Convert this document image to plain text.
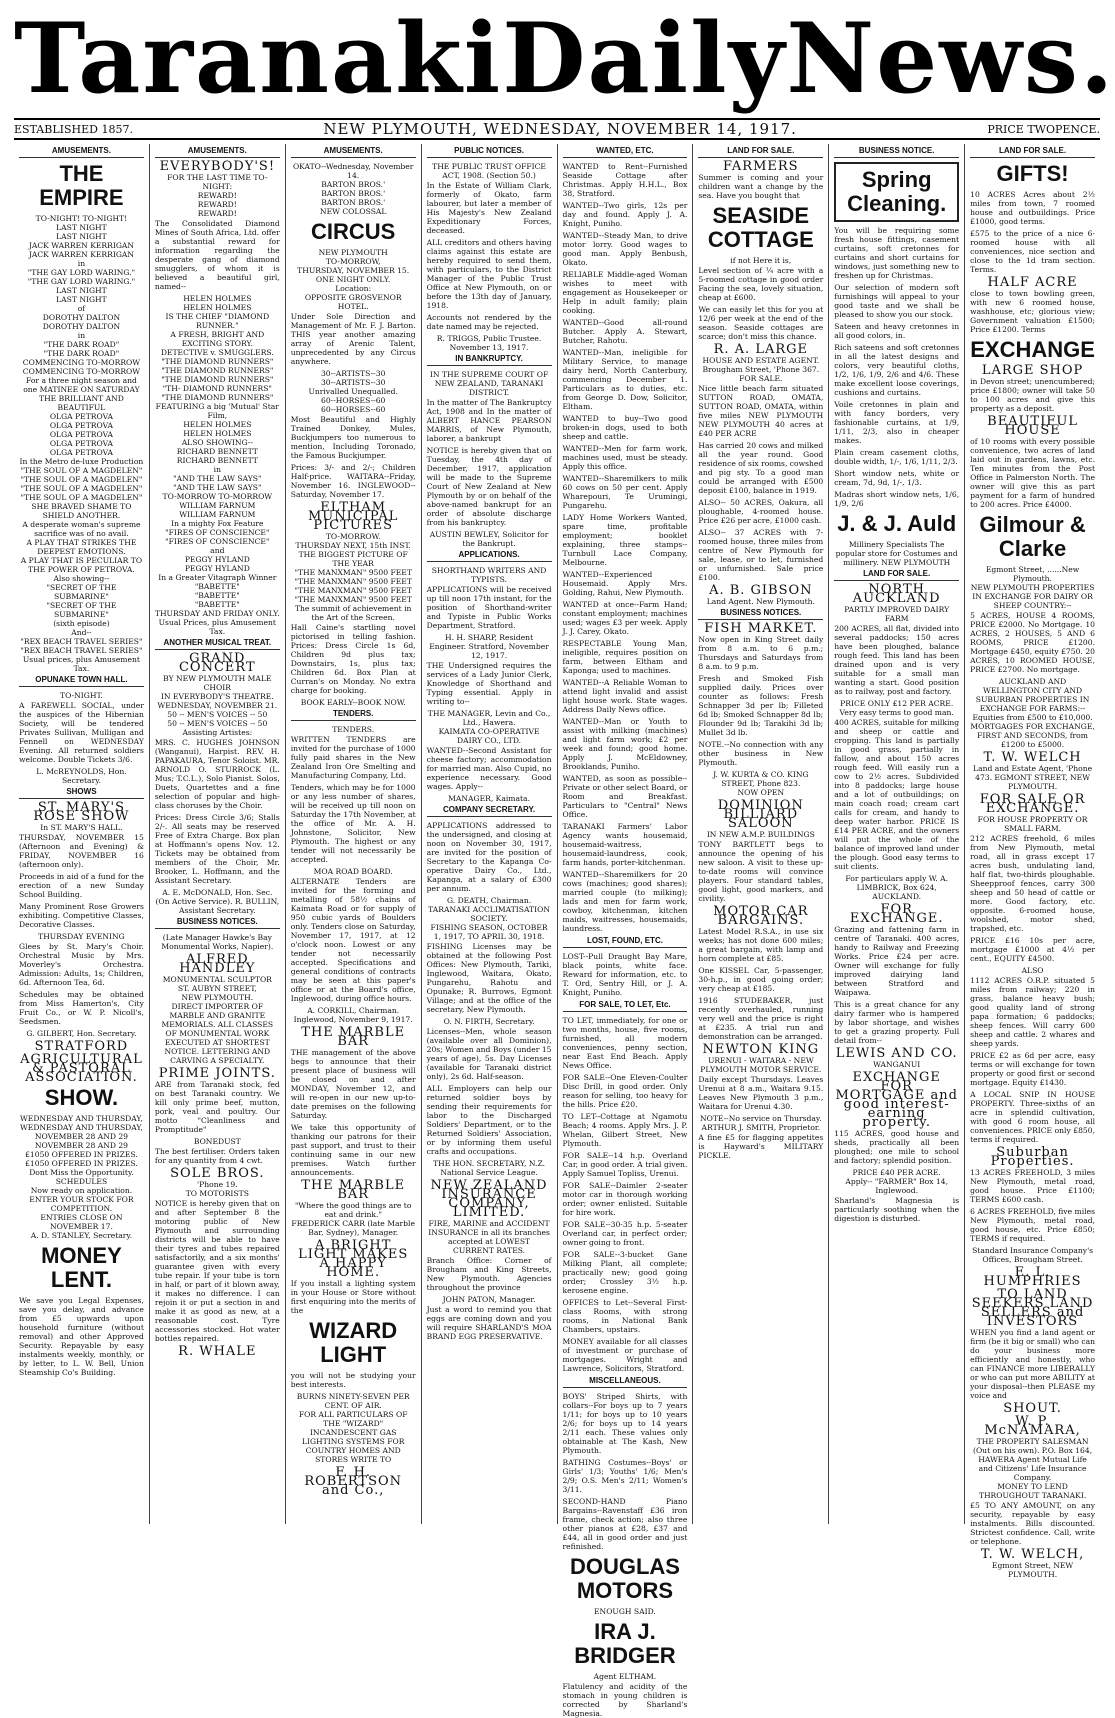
Taranaki Daily News.
ESTABLISHED 1857.	NEW PLYMOUTH, WEDNESDAY, NOVEMBER 14, 1917.	PRICE TWOPENCE.
AMUSEMENTS.
THE EMPIRE
TO-NIGHT! TO-NIGHT!
LAST NIGHT
LAST NIGHT
JACK WARREN KERRIGAN
JACK WARREN KERRIGAN
in
"THE GAY LORD WARING."
"THE GAY LORD WARING."
LAST NIGHT
LAST NIGHT
of
DOROTHY DALTON
DOROTHY DALTON
in
"THE DARK ROAD"
"THE DARK ROAD"
COMMENCING TO-MORROW
COMMENCING TO-MORROW
For a three night season and one MATINEE ON SATURDAY THE BRILLIANT AND BEAUTIFUL
OLGA PETROVA
OLGA PETROVA
OLGA PETROVA
OLGA PETROVA
OLGA PETROVA
In the Metro de-luxe Production
"THE SOUL OF A MAGDELEN"
"THE SOUL OF A MAGDELEN"
"THE SOUL OF A MAGDELEN"
"THE SOUL OF A MAGDELEN"
SHE BRAVED SHAME TO SHIELD ANOTHER.
A desperate woman's supreme sacrifice was of no avail.
A PLAY THAT STRIKES THE DEEPEST EMOTIONS.
A PLAY THAT IS PECULIAR TO THE POWER OF PETROVA.
Also showing--
"SECRET OF THE SUBMARINE"
"SECRET OF THE SUBMARINE"
(sixth episode)
And--
"REX BEACH TRAVEL SERIES"
"REX BEACH TRAVEL SERIES"
Usual prices, plus Amusement Tax.
OPUNAKE TOWN HALL.
TO-NIGHT.
A FAREWELL SOCIAL, under the auspices of the Hibernian Society, will be tendered Privates Sullivan, Mulligan and Fennell on WEDNESDAY Evening. All returned soldiers welcome. Double Tickets 3/6.
L. McREYNOLDS, Hon. Secretary.
SHOWS
ST. MARY'S ROSE SHOW
In ST. MARY'S HALL.
THURSDAY, NOVEMBER 15 (Afternoon and Evening) & FRIDAY, NOVEMBER 16 (afternoon only).
Proceeds in aid of a fund for the erection of a new Sunday School Building.
Many Prominent Rose Growers exhibiting. Competitive Classes, Decorative Classes.
THURSDAY EVENING
Glees by St. Mary's Choir. Orchestral Music by Mrs. Moverley's Orchestra. Admission: Adults, 1s; Children, 6d. Afternoon Tea, 6d.
Schedules may be obtained from Miss Hamerton's, City Fruit Co., or W. P. Nicoll's, Seedsmen.
G. GILBERT, Hon. Secretary.
STRATFORD
AGRICULTURAL & PASTORAL ASSOCIATION.
SHOW.
WEDNESDAY AND THURSDAY,
WEDNESDAY AND THURSDAY,
NOVEMBER 28 AND 29
NOVEMBER 28 AND 29
£1050 OFFERED IN PRIZES.
£1050 OFFERED IN PRIZES.
Dont Miss the Opportunity.
SCHEDULES
Now ready on application.
ENTER YOUR STOCK FOR COMPETITION.
ENTRIES CLOSE ON NOVEMBER 17.
A. D. STANLEY, Secretary.
MONEY LENT.
We save you Legal Expenses, save you delay, and advance from £5 upwards upon household furniture (without removal) and other Approved Security. Repayable by easy instalments weekly, monthly, or by letter, to L. W. Bell, Union Steamship Co's Building.
AMUSEMENTS.
EVERYBODY'S!
FOR THE LAST TIME TO-NIGHT:
REWARD!
REWARD!
REWARD!
The Consolidated Diamond Mines of South Africa, Ltd. offer a substantial reward for information regarding the desperate gang of diamond smugglers, of whom it is believed a beautiful girl, named--
HELEN HOLMES
HELEN HOLMES
IS THE CHIEF "DIAMOND RUNNER."
A FRESH, BRIGHT AND EXCITING STORY.
DETECTIVE v. SMUGGLERS.
"THE DIAMOND RUNNERS"
"THE DIAMOND RUNNERS"
"THE DIAMOND RUNNERS"
"TH- DIAMOND RUNNERS"
"THE DIAMOND RUNNERS"
FEATURING a big 'Mutual' Star Film,
HELEN HOLMES
HELEN HOLMES
ALSO SHOWING--
RICHARD BENNETT
RICHARD BENNETT
in
"AND THE LAW SAYS"
"AND THE LAW SAYS"
TO-MORROW TO-MORROW
WILLIAM FARNUM
WILLIAM FARNUM
In a mighty Fox Feature
"FIRES OF CONSCIENCE"
"FIRES OF CONSCIENCE"
and
PEGGY HYLAND
PEGGY HYLAND
In a Greater Vitagraph Winner
"BABETTE"
"BABETTE"
"BABETTE"
THURSDAY AND FRIDAY ONLY.
Usual Prices, plus Amusement Tax.
ANOTHER MUSICAL TREAT.
GRAND CONCERT
BY NEW PLYMOUTH MALE CHOIR
IN EVERYBODY'S THEATRE.
WEDNESDAY, NOVEMBER 21.
50 -- MEN'S VOICES -- 50
50 -- MEN'S VOICES -- 50
Assisting Artistes:
MRS. C. HUGHES JOHNSON (Wanganui), Harpist. REV. H. PAPAKAURA, Tenor Soloist. MR. ARNOLD O. STURROCK (L. Mus; T.C.L.), Solo Pianist. Solos, Duets, Quartettes and a fine selection of popular and high-class choruses by the Choir.
Prices: Dress Circle 3/6; Stalls 2/-. All seats may be reserved Free of Extra Charge. Box plan at Hoffmann's opens Nov. 12. Tickets may be obtained from members of the Choir, Mr. Brooker, L. Hoffmann, and the Assistant Secretary.
A. E. McDONALD, Hon. Sec. (On Active Service). R. BULLIN, Assistant Secretary.
BUSINESS NOTICES.
(Late Manager Hawke's Bay Monumental Works, Napier).
ALFRED HANDLEY
MONUMENTAL SCULPTOR
ST. AUBYN STREET,
NEW PLYMOUTH.
DIRECT IMPORTER OF MARBLE AND GRANITE MEMORIALS. ALL CLASSES OF MONUMENTAL WORK EXECUTED AT SHORTEST NOTICE. LETTERING AND CARVING A SPECIALTY.
PRIME JOINTS.
ARE from Taranaki stock, fed on best Taranaki country. We kill only prime beef, mutton, pork, veal and poultry. Our motto "Cleanliness and Promptitude"
BONEDUST
The best fertiliser. Orders taken for any quantity from 4 cwt.
SOLE BROS.
'Phone 19.
TO MOTORISTS
NOTICE is hereby given that on and after September 8 the motoring public of New Plymouth and surrounding districts will be able to have their tyres and tubes repaired satisfactorily, and a six months' guarantee given with every tube repair. If your tube is torn in half, or part of it blown away, it makes no difference. I can rejoin it or put a section in and make it as good as new, at a reasonable cost. Tyre accessories stocked. Hot water bottles repaired.
R. WHALE
AMUSEMENTS.
OKATO--Wednesday, November 14.
BARTON BROS.'
BARTON BROS.'
BARTON BROS.'
NEW COLOSSAL
CIRCUS
NEW PLYMOUTH
TO-MORROW,
THURSDAY, NOVEMBER 15.
ONE NIGHT ONLY.
Location:
OPPOSITE GROSVENOR HOTEL.
Under Sole Direction and Management of Mr. F. J. Barton. THIS year another amazing array of Arenic Talent, unprecedented by any Circus anywhere.
30--ARTISTS--30
30--ARTISTS--30
Unrivalled Unequalled.
60--HORSES--60
60--HORSES--60
Most Beautiful and Highly Trained Donkey, Mules, Buckjumpers too numerous to mention, Including Toronado, the Famous Buckjumper.
Prices: 3/- and 2/-; Children Half-price. WAITARA--Friday, November 16. INGLEWOOD--Saturday, November 17.
ELTHAM MUNICIPAL PICTURES
TO-MORROW.
THURSDAY NEXT, 15th INST.
THE BIGGEST PICTURE OF THE YEAR
"THE MANXMAN" 9500 FEET
"THE MANXMAN" 9500 FEET
"THE MANXMAN" 9500 FEET
"THE MANXMAN" 9500 FEET
The summit of achievement in the Art of the Screen.
Hall Caine's startling novel pictorised in telling fashion. Prices: Dress Circle 1s 6d, Children 9d plus tax; Downstairs, 1s, plus tax; Children 6d. Box Plan at Curran's on Monday. No extra charge for booking.
BOOK EARLY--BOOK NOW.
TENDERS.
TENDERS.
WRITTEN TENDERS are invited for the purchase of 1000 fully paid shares in the New Zealand Iron Ore Smelting and Manufacturing Company, Ltd.
Tenders, which may be for 1000 or any less number of shares, will be received up till noon on Saturday the 17th November, at the office of Mr. A. H. Johnstone, Solicitor, New Plymouth. The highest or any tender will not necessarily be accepted.
MOA ROAD BOARD.
ALTERNATE Tenders are invited for the forming and metalling of 58½ chains of Kaimata Road or for supply of 950 cubic yards of Boulders only. Tenders close on Saturday, November 17, 1917, at 12 o'clock noon. Lowest or any tender not necessarily accepted. Specifications and general conditions of contracts may be seen at this paper's office or at the Board's office, Inglewood, during office hours.
A. CORKILL, Chairman. Inglewood, November 9, 1917.
THE MARBLE BAR
THE management of the above begs to announce that their present place of business will be closed on and after MONDAY, November 12, and will re-open in our new up-to-date premises on the following Saturday.
We take this opportunity of thanking our patrons for their past support, and trust to their continuing same in our new premises. Watch further announcements.
THE MARBLE BAR
"Where the good things are to eat and drink."
FREDERICK CARR (late Marble Bar, Sydney), Manager.
A BRIGHT LIGHT MAKES A HAPPY HOME.
If you install a lighting system in your House or Store without first enquiring into the merits of the
WIZARD LIGHT
you will not be studying your best interests.
BURNS NINETY-SEVEN PER CENT. OF AIR.
FOR ALL PARTICULARS OF THE "WIZARD" INCANDESCENT GAS LIGHTING SYSTEMS FOR COUNTRY HOMES AND STORES WRITE TO
F. H. ROBERTSON and Co.,
PUBLIC NOTICES.
THE PUBLIC TRUST OFFICE ACT, 1908. (Section 50.)
In the Estate of William Clark, formerly of Okato, farm labourer, but later a member of His Majesty's New Zealand Expeditionary Forces, deceased.
ALL creditors and others having claims against this estate are hereby required to send them, with particulars, to the District Manager of the Public Trust Office at New Plymouth, on or before the 13th day of January, 1918.
Accounts not rendered by the date named may be rejected.
R. TRIGGS, Public Trustee. November 13, 1917.
IN BANKRUPTCY.
IN THE SUPREME COURT OF NEW ZEALAND, TARANAKI DISTRICT.
In the matter of The Bankruptcy Act, 1908 and In the matter of ALBERT HANCE PEARSON MARRIS, of New Plymouth, laborer, a bankrupt
NOTICE is hereby given that on Tuesday, the 4th day of December, 1917, application will be made to the Supreme Court of New Zealand at New Plymouth by or on behalf of the above-named bankrupt for an order of absolute discharge from his bankruptcy.
AUSTIN BEWLEY, Solicitor for the Bankrupt.
APPLICATIONS.
SHORTHAND WRITERS AND TYPISTS.
APPLICATIONS will be received up till noon 17th instant, for the position of Shorthand-writer and Typiste in Public Works Department, Stratford.
H. H. SHARP, Resident Engineer. Stratford, November 12, 1917.
THE Undersigned requires the services of a Lady Junior Clerk, Knowledge of Shorthand and Typing essential. Apply in writing to--
THE MANAGER, Levin and Co., Ltd., Hawera.
KAIMATA CO-OPERATIVE DAIRY CO., LTD.
WANTED--Second Assistant for cheese factory; accommodation for married man. Also Cupid, no experience necessary. Good wages. Apply--
MANAGER, Kaimata.
COMPANY SECRETARY.
APPLICATIONS addressed to the undersigned, and closing at noon on November 30, 1917, are invited for the position of Secretary to the Kapanga Co-operative Dairy Co., Ltd., Kapanga, at a salary of £300 per annum.
G. DEATH, Chairman.
TARANAKI ACCLIMATISATION SOCIETY.
FISHING SEASON, OCTOBER 1, 1917, TO APRIL 30, 1918.
FISHING Licenses may be obtained at the following Post Offices: New Plymouth, Tariki, Inglewood, Waitara, Okato, Pungarehu, Rahotu and Opunake; R. Burrows, Egmont Village; and at the office of the secretary, New Plymouth.
O. N. FIRTH, Secretary.
Licenses--Men, whole season (available over all Dominion), 20s; Women and Boys (under 15 years of age), 5s. Day Licenses (available for Taranaki district only), 2s 6d. Half-season.
ALL Employers can help our returned soldier boys by sending their requirements for labor to the Discharged Soldiers' Department, or to the Returned Soldiers' Association, or by informing them useful crafts and occupations.
THE HON. SECRETARY, N.Z. National Service League.
NEW ZEALAND INSURANCE COMPANY, LIMITED.
FIRE, MARINE and ACCIDENT INSURANCE in all its branches accepted at LOWEST CURRENT RATES.
Branch Office: Corner of Brougham and King Streets, New Plymouth. Agencies throughout the province
JOHN PATON, Manager.
Just a word to remind you that eggs are coming down and you will require SHARLAND'S MOA BRAND EGG PRESERVATIVE.
WANTED, ETC.
WANTED to Rent--Furnished Seaside Cottage after Christmas. Apply H.H.L., Box 38, Stratford.
WANTED--Two girls, 12s per day and found. Apply J. A. Knight, Puniho.
WANTED--Steady Man, to drive motor lorry. Good wages to good man. Apply Benbush, Okato.
RELIABLE Middle-aged Woman wishes to meet with engagement as Housekeeper or Help in adult family; plain cooking.
WANTED--Good all-round Butcher. Apply A. Stewart, Butcher, Rahotu.
WANTED--Man, ineligible for Military Service, to manage dairy herd, North Canterbury, commencing December 1. Particulars as to duties, etc. from George D. Dow, Solicitor, Eltham.
WANTED to buy--Two good broken-in dogs, used to both sheep and cattle.
WANTED--Men for farm work, machines used, must be steady. Apply this office.
WANTED--Sharemilkers to milk 60 cows on 50 per cent. Apply Wharepouri, Te Urumingi, Pungarehu.
LADY Home Workers Wanted, spare time, profitable employment; booklet explaining, three stamps--Turnbull Lace Company, Melbourne.
WANTED--Experienced Housemaid. Apply Mrs. Golding, Rahui, New Plymouth.
WANTED at once--Farm Hand; constant employment; machines used; wages £3 per week. Apply J. J. Carey, Okato.
RESPECTABLE Young Man, ineligible, requires position on farm, between Eltham and Kaponga; used to machines.
WANTED--A Reliable Woman to attend light invalid and assist light house work. State wages. Address Daily News office.
WANTED--Man or Youth to assist with milking (machines) and light farm work; £2 per week and found; good home. Apply J. McEldowney, Brooklands, Puniho.
WANTED, as soon as possible--Private or other select Board, or Room and Breakfast. Particulars to "Central" News Office.
TARANAKI Farmers' Labor Agency wants housemaid, housemaid-waitress, housemaid-laundress, cook, farm hands, porter-kitchenman.
WANTED--Sharemilkers for 20 cows (machines; good shares); married couple (to milking); lads and men for farm work, cowboy, kitchenman, kitchen maids, waitresses, housemaids, laundress.
LOST, FOUND, ETC.
LOST--Pull Draught Bay Mare, black points, white face. Reward for information, etc. to T. Ord, Sentry Hill, or J. A. Knight, Puniho.
FOR SALE, TO LET, Etc.
TO LET, immediately, for one or two months, house, five rooms, furnished, all modern conveniences, penny section, near East End Beach. Apply News Office.
FOR SALE--One Eleven-Coulter Disc Drill, in good order. Only reason for selling, too heavy for the hills. Price £20.
TO LET--Cottage at Ngamotu Beach; 4 rooms. Apply Mrs. J. P. Whelan, Gilbert Street, New Plymouth.
FOR SALE--14 h.p. Overland Car, in good order. A trial given. Apply Samuel Topliss, Urenui.
FOR SALE--Daimler 2-seater motor car in thorough working order; owner enlisted. Suitable for hire work.
FOR SALE--30-35 h.p. 5-seater Overland car, in perfect order; owner going to front.
FOR SALE--3-bucket Gane Milking Plant, all complete; practically new; good going order; Crossley 3½ h.p. kerosene engine.
OFFICES to Let--Several First-class Rooms, with strong rooms, in National Bank Chambers, upstairs.
MONEY available for all classes of investment or purchase of mortgages. Wright and Lawrence, Solicitors, Stratford.
MISCELLANEOUS.
BOYS' Striped Shirts, with collars--For boys up to 7 years 1/11; for boys up to 10 years 2/6; for boys up to 14 years 2/11 each. These values only obtainable at The Kash, New Plymouth.
BATHING Costumes--Boys' or Girls' 1/3; Youths' 1/6; Men's 2/9; O.S. Men's 2/11; Women's 3/11.
SECOND-HAND Piano Bargains--Ravenstaff £36 iron frame, check action; also three other pianos at £28, £37 and £44, all in good order and just refinished.
DOUGLAS MOTORS
ENOUGH SAID.
IRA J. BRIDGER
Agent ELTHAM.
Flatulency and acidity of the stomach in young children is corrected by Sharland's Magnesia.
LAND FOR SALE.
FARMERS
Summer is coming and your children want a change by the sea. Have you bought that
SEASIDE COTTAGE
if not Here it is,
Level section of ¼ acre with a 5-roomed cottage in good order Facing the sea, lovely situation, cheap at £600.
We can easily let this for you at 12/6 per week at the end of the season. Seaside cottages are scarce; don't miss this chance.
R. A. LARGE
HOUSE AND ESTATE AGENT. Brougham Street, 'Phone 367.
FOR SALE.
Nice little beach farm situated SUTTON ROAD, OMATA, SUTTON ROAD, OMATA, within five miles NEW PLYMOUTH NEW PLYMOUTH 40 acres at £40 PER ACRE
Has carried 20 cows and milked all the year round. Good residence of six rooms, cowshed and pig sty. To a good man could be arranged with £500 deposit £100, balance in 1919.
ALSO-- 50 ACRES, Oakura, all ploughable, 4-roomed house. Price £26 per acre, £1000 cash.
ALSO-- 37 ACRES with 7-roomed house, three miles from centre of New Plymouth for sale, lease, or to let, furnished or unfurnished. Sale price £100.
A. B. GIBSON
Land Agent. New Plymouth.
BUSINESS NOTICES.
FISH MARKET.
Now open in King Street daily from 8 a.m. to 6 p.m.; Thursdays and Saturdays from 8 a.m. to 9 p.m.
Fresh and Smoked Fish supplied daily. Prices over counter as follows: Fresh Schnapper 3d per lb; Filleted 6d lb; Smoked Schnapper 8d lb; Flounder 9d lb; Tarakihi 3d lb; Mullet 3d lb.
NOTE.--No connection with any other business in New Plymouth.
J. W. KURTA & CO. KING STREET, Phone 823.
NOW OPEN
DOMINION BILLIARD SALOON
IN NEW A.M.P. BUILDINGS
TONY BARTLETT begs to announce the opening of his new saloon. A visit to these up-to-date rooms will convince players. Four standard tables, good light, good markers, and civility.
MOTOR CAR BARGAINS.
Latest Model R.S.A., in use six weeks; has not done 600 miles; a great bargain, with lamp and horn complete at £85.
One KISSEL Car, 5-passenger, 30-h.p., in good going order; very cheap at £185.
1916 STUDEBAKER, just recently overhauled, running very well and the price is right at £235. A trial run and demonstration can be arranged.
NEWTON KING
URENUI - WAITARA - NEW PLYMOUTH MOTOR SERVICE.
Daily except Thursdays. Leaves Urenui at 8 a.m., Waitara 9.15. Leaves New Plymouth 3 p.m., Waitara for Urenui 4.30.
NOTE--No service on Thursday. ARTHUR J. SMITH, Proprietor.
A fine £5 for flagging appetites is Hayward's MILITARY PICKLE.
BUSINESS NOTICE.
Spring Cleaning.
You will be requiring some fresh house fittings, casement curtains, soft cretonnes for curtains and short curtains for windows, just something new to freshen up for Christmas.
Our selection of modern soft furnishings will appeal to your good taste and we shall be pleased to show you our stock.
Sateen and heavy cretonnes in all good colors, in.
Rich sateens and soft cretonnes in all the latest designs and colors, very beautiful cloths, 1/2, 1/6, 1/9, 2/6 and 4/6. These make excellent loose coverings, cushions and curtains.
Voile cretonnes in plain and with fancy borders, very fashionable curtains, at 1/9, 1/11, 2/3, also in cheaper makes.
Plain cream casement cloths, double width, 1/-, 1/6, 1/11, 2/3.
Short window nets, white or cream, 7d, 9d, 1/-, 1/3.
Madras short window nets, 1/6, 1/9, 2/6
J. & J. Auld
Millinery Specialists The popular store for Costumes and millinery. NEW PLYMOUTH
LAND FOR SALE.
NORTH AUCKLAND
PARTLY IMPROVED DAIRY FARM
200 ACRES, all flat, divided into several paddocks; 150 acres have been ploughed, balance rough feed. This land has been drained upon and is very suitable for a small man wanting a start. Good position as to railway, post and factory.
PRICE ONLY £12 PER ACRE. Very easy terms to good man.
400 ACRES, suitable for milking and sheep or cattle and cropping. This land is partially in good grass, partially in fallow, and about 150 acres rough feed. Will easily run a cow to 2½ acres. Subdivided into 8 paddocks; large house and a lot of outbuildings; on main coach road; cream cart calls for cream, and handy to deep water harbor. PRICE IS £14 PER ACRE, and the owners will put the whole of the balance of improved land under the plough. Good easy terms to suit clients.
For particulars apply W. A. LIMBRICK, Box 624, AUCKLAND.
FOR EXCHANGE.
Grazing and fattening farm in centre of Taranaki. 400 acres, handy to Railway and Freezing Works. Price £24 per acre. Owner will exchange for fully improved dairying land between Stratford and Waipawa.
This is a great chance for any dairy farmer who is hampered by labor shortage, and wishes to get a grazing property. Full detail from--
LEWIS AND CO.
WANGANUI
EXCHANGE FOR MORTGAGE and good interest-earning property.
115 ACRES, good house and sheds, practically all been ploughed; one mile to school and factory; splendid position.
PRICE £40 PER ACRE.
Apply-- "FARMER" Box 14, Inglewood.
Sharland's Magnesia is particularly soothing when the digestion is disturbed.
LAND FOR SALE.
GIFTS!
10 ACRES Acres about 2½ miles from town, 7 roomed house and outbuildings. Price £1000, good terms.
£575 to the price of a nice 6-roomed house with all conveniences, nice section and close to the 1d tram section. Terms.
HALF ACRE
close to town bowling green, with new 6 roomed house, washhouse, etc; glorious view; Government valuation £1500; Price £1200. Terms
EXCHANGE
LARGE SHOP
in Devon street; unencumbered; price £1800; owner will take 50 to 100 acres and give this property as a deposit.
BEAUTIFUL HOUSE
of 10 rooms with every possible convenience, two acres of land laid out in gardens, lawns, etc. Ten minutes from the Post Office in Palmerston North. The owner will give this as part payment for a farm of hundred to 200 acres. Price £4000.
Gilmour & Clarke
Egmont Street, ......New Plymouth.
NEW PLYMOUTH PROPERTIES IN EXCHANGE FOR DAIRY OR SHEEP COUNTRY:--
5 ACRES, HOUSE 4 ROOMS, PRICE £2000. No Mortgage. 10 ACRES, 2 HOUSES, 5 AND 6 ROOMS, PRICE £1200. Mortgage £450, equity £750. 20 ACRES, 10 ROOMED HOUSE, PRICE £2700. No mortgage.
AUCKLAND AND WELLINGTON CITY AND SUBURBAN PROPERTIES IN EXCHANGE FOR FARMS:-- Equities from £500 to £10,000. MORTGAGES FOR EXCHANGE, FIRST AND SECONDS, from £1200 to £5000.
T. W. WELCH
Land and Estate Agent, 'Phone 473. EGMONT STREET, NEW PLYMOUTH.
FOR SALE OR EXCHANGE.
FOR HOUSE PROPERTY OR SMALL FARM.
212 ACRES freehold, 6 miles from New Plymouth, metal road, all in grass except 17 acres bush, undulating land, half flat, two-thirds ploughable. Sheepproof fences, carry 300 sheep and 50 head of cattle or more. Good factory, etc. opposite. 6-roomed house, woolshed, motor shed, trapshed, etc.
PRICE £16 10s per acre, mortgage £1000 at 4½ per cent., EQUITY £4500.
ALSO
1112 ACRES O.R.P. situated 5 miles from railway; 220 in grass, balance heavy bush; good quality land of strong papa formation; 6 paddocks; sheep fences. Will carry 600 sheep and cattle. 2 whares and sheep yards.
PRICE £2 as 6d per acre, easy terms or will exchange for town property or good first or second mortgage. Equity £1430.
A LOCAL SNIP IN HOUSE PROPERTY. Three-sixths of an acre in splendid cultivation, with good 6 room house, all conveniences. PRICE only £850, terms if required.
Suburban Properties.
13 ACRES FREEHOLD, 3 miles New Plymouth, metal road, good house. Price £1100; TERMS £600 cash.
6 ACRES FREEHOLD, five miles New Plymouth, metal road, good house, etc. Price £850; TERMS if required.
Standard Insurance Company's Offices, Brougham Street.
E. L. HUMPHRIES
TO LAND SEEKERS LAND SELLERS and INVESTORS
WHEN you find a land agent or firm (be it big or small) who can do your business more efficiently and honestly, who can FINANCE more LIBERALLY or who can put more ABILITY at your disposal--then PLEASE my voice and
SHOUT.
W. P. McNAMARA,
THE PROPERTY SALESMAN (Out on his own). P.O. Box 164, HAWERA Agent Mutual Life and Citizens' Life Insurance Company.
MONEY TO LEND THROUGHOUT TARANAKI.
£5 TO ANY AMOUNT, on any security, repayable by easy instalments. Bills discounted. Strictest confidence. Call, write or telephone.
T. W. WELCH,
Egmont Street, NEW PLYMOUTH.
